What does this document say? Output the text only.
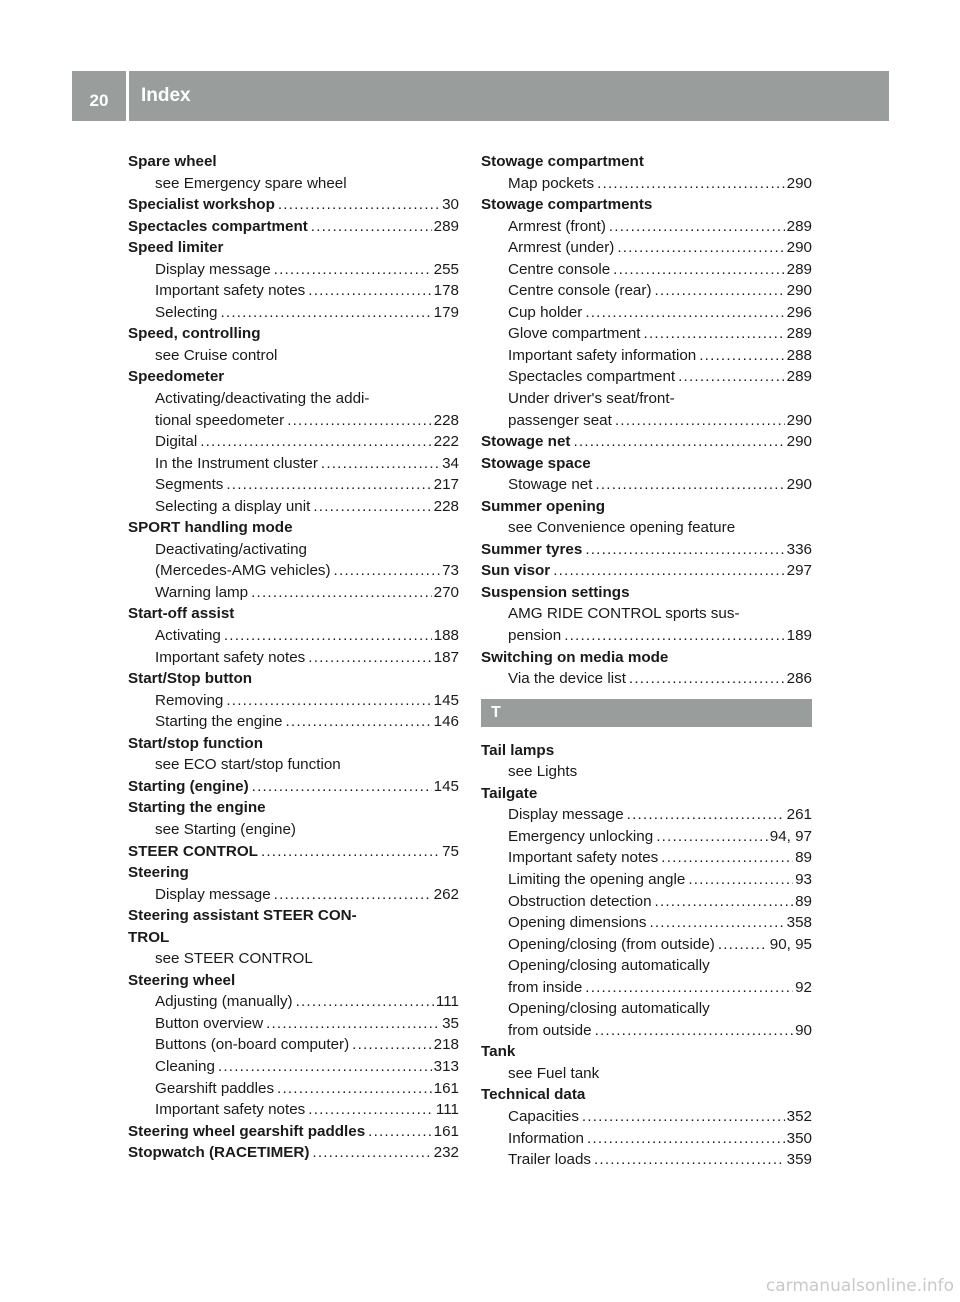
20	Index
Spare wheel
see Emergency spare wheel
Specialist workshop .....	30
Spectacles compartment .....	289
Speed limiter
Display message .....	255
Important safety notes .....	178
Selecting .....	179
Speed, controlling
see Cruise control
Speedometer
Activating/deactivating the addi-
tional speedometer .....	228
Digital .....	222
In the Instrument cluster .....	34
Segments .....	217
Selecting a display unit .....	228
SPORT handling mode
Deactivating/activating
(Mercedes-AMG vehicles) .....	73
Warning lamp .....	270
Start-off assist
Activating .....	188
Important safety notes .....	187
Start/Stop button
Removing .....	145
Starting the engine .....	146
Start/stop function
see ECO start/stop function
Starting (engine) .....	145
Starting the engine
see Starting (engine)
STEER CONTROL .....	75
Steering
Display message .....	262
Steering assistant STEER CON-
TROL
see STEER CONTROL
Steering wheel
Adjusting (manually) .....	111
Button overview .....	35
Buttons (on-board computer) .....	218
Cleaning .....	313
Gearshift paddles .....	161
Important safety notes .....	111
Steering wheel gearshift paddles .....	161
Stopwatch (RACETIMER) .....	232
Stowage compartment
Map pockets .....	290
Stowage compartments
Armrest (front) .....	289
Armrest (under) .....	290
Centre console .....	289
Centre console (rear) .....	290
Cup holder .....	296
Glove compartment .....	289
Important safety information .....	288
Spectacles compartment .....	289
Under driver's seat/front-
passenger seat .....	290
Stowage net .....	290
Stowage space
Stowage net .....	290
Summer opening
see Convenience opening feature
Summer tyres .....	336
Sun visor .....	297
Suspension settings
AMG RIDE CONTROL sports sus-
pension .....	189
Switching on media mode
Via the device list .....	286
T
Tail lamps
see Lights
Tailgate
Display message .....	261
Emergency unlocking .....	94, 97
Important safety notes .....	89
Limiting the opening angle .....	93
Obstruction detection .....	89
Opening dimensions .....	358
Opening/closing (from outside) .....	90, 95
Opening/closing automatically
from inside .....	92
Opening/closing automatically
from outside .....	90
Tank
see Fuel tank
Technical data
Capacities .....	352
Information .....	350
Trailer loads .....	359
carmanualsonline.info
